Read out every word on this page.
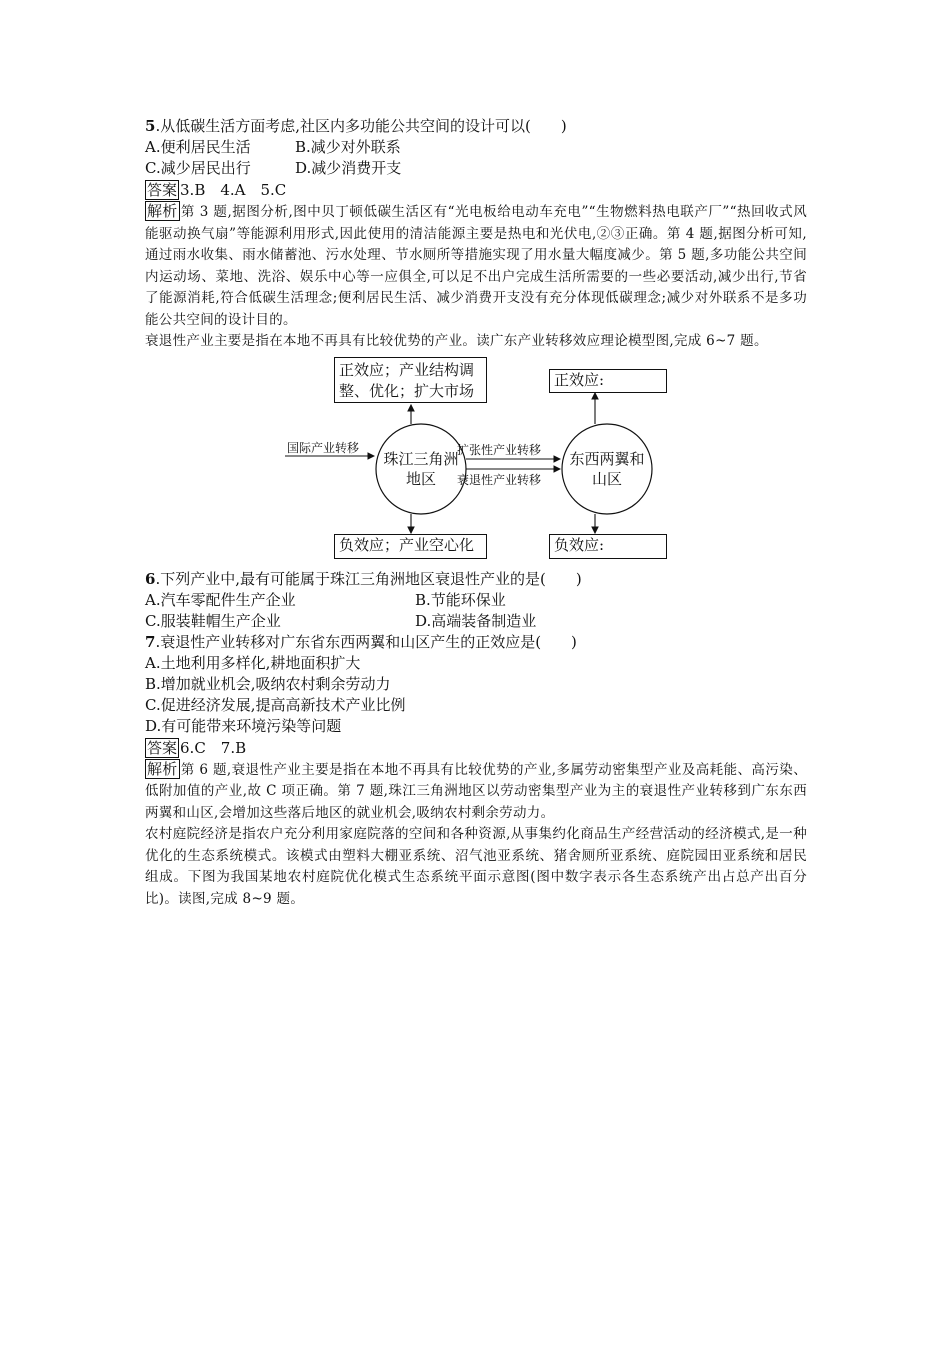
5.从低碳生活方面考虑,社区内多功能公共空间的设计可以(　　)
A.便利居民生活	B.减少对外联系
C.减少居民出行	D.减少消费开支
答案 3.B　4.A　5.C
解析 第 3 题,据图分析,图中贝丁顿低碳生活区有“光电板给电动车充电”“生物燃料热电联产厂”“热回收式风能驱动换气扇”等能源利用形式,因此使用的清洁能源主要是热电和光伏电,②③正确。第 4 题,据图分析可知,通过雨水收集、雨水储蓄池、污水处理、节水厕所等措施实现了用水量大幅度减少。第 5 题,多功能公共空间内运动场、菜地、洗浴、娱乐中心等一应俱全,可以足不出户完成生活所需要的一些必要活动,减少出行,节省了能源消耗,符合低碳生活理念;便利居民生活、减少消费开支没有充分体现低碳理念;减少对外联系不是多功能公共空间的设计目的。
衰退性产业主要是指在本地不再具有比较优势的产业。读广东产业转移效应理论模型图,完成 6~7 题。
正效应；产业结构调整、优化；扩大市场
正效应:
负效应；产业空心化	负效应:
珠江三角洲地区
东西两翼和山区
国际产业转移	扩张性产业转移
衰退性产业转移
6.下列产业中,最有可能属于珠江三角洲地区衰退性产业的是(　　)
A.汽车零配件生产企业	B.节能环保业
C.服装鞋帽生产企业	D.高端装备制造业
7.衰退性产业转移对广东省东西两翼和山区产生的正效应是(　　)
A.土地利用多样化,耕地面积扩大
B.增加就业机会,吸纳农村剩余劳动力
C.促进经济发展,提高高新技术产业比例
D.有可能带来环境污染等问题
答案 6.C　7.B
解析 第 6 题,衰退性产业主要是指在本地不再具有比较优势的产业,多属劳动密集型产业及高耗能、高污染、低附加值的产业,故 C 项正确。第 7 题,珠江三角洲地区以劳动密集型产业为主的衰退性产业转移到广东东西两翼和山区,会增加这些落后地区的就业机会,吸纳农村剩余劳动力。
农村庭院经济是指农户充分利用家庭院落的空间和各种资源,从事集约化商品生产经营活动的经济模式,是一种优化的生态系统模式。该模式由塑料大棚亚系统、沼气池亚系统、猪舍厕所亚系统、庭院园田亚系统和居民组成。下图为我国某地农村庭院优化模式生态系统平面示意图(图中数字表示各生态系统产出占总产出百分比)。读图,完成 8~9 题。
